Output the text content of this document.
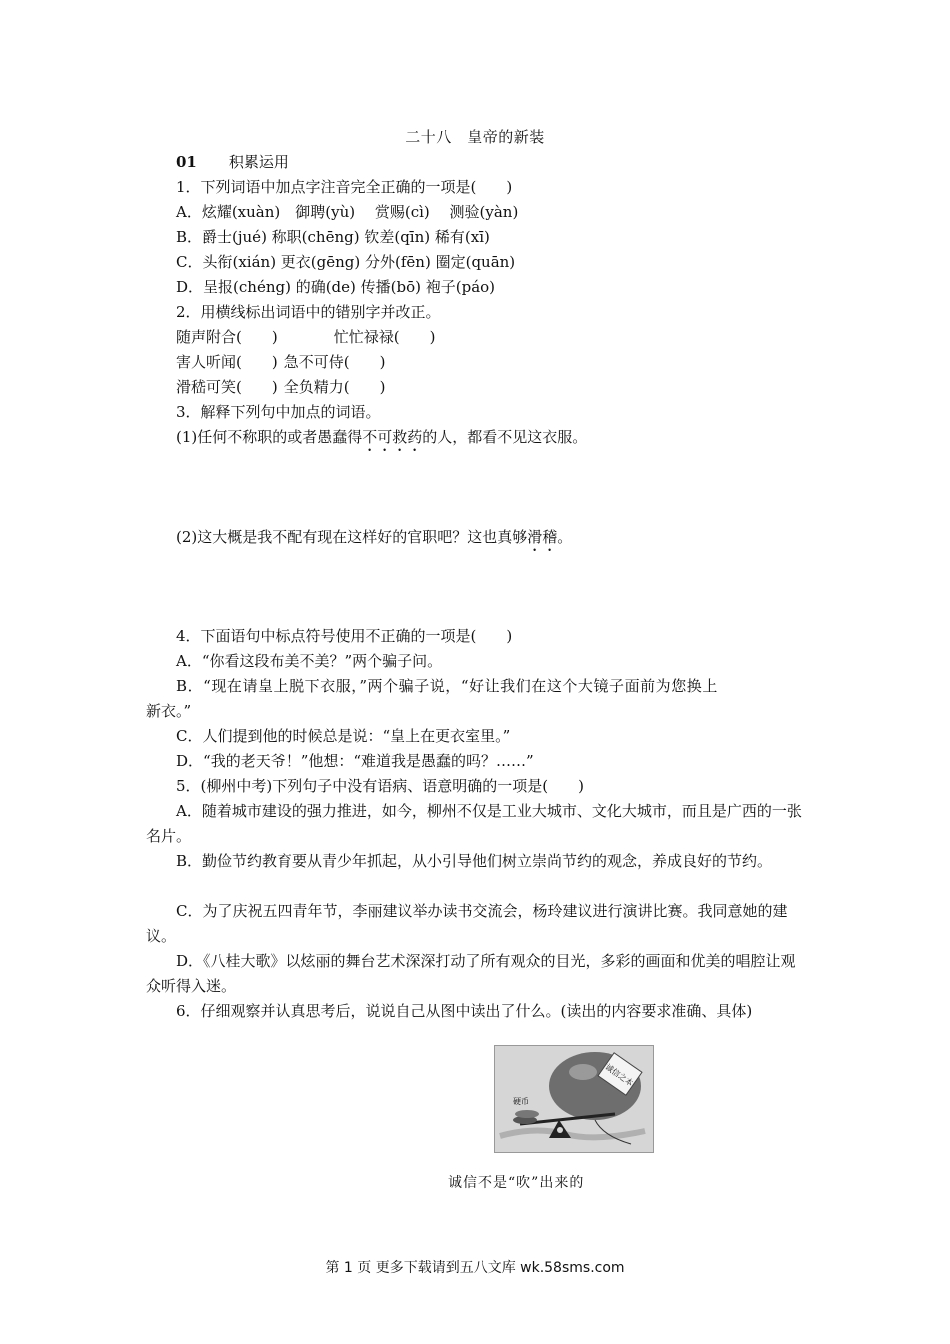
二十八　皇帝的新装
01 积累运用
1．下列词语中加点字注音完全正确的一项是(　　)
A．炫耀(xuàn)　御聘(yù)　 赏赐(cì)　 测验(yàn)
B．爵士(jué) 称职(chēng) 钦差(qīn) 稀有(xī)
C．头衔(xián) 更衣(gēng) 分外(fēn) 圈定(quān)
D．呈报(chéng) 的确(de) 传播(bō) 袍子(páo)
2．用横线标出词语中的错别字并改正。
随声附合(　　)	忙忙禄禄(　　)
害人听闻(　　) 急不可侍(　　)
滑嵇可笑(　　) 全负精力(　　)
3．解释下列句中加点的词语。
(1)任何不称职的或者愚蠢得不可救药的人，都看不见这衣服。
(2)这大概是我不配有现在这样好的官职吧？这也真够滑稽。
4．下面语句中标点符号使用不正确的一项是(　　)
A．“你看这段布美不美？”两个骗子问。
B．“现在请皇上脱下衣服，”两个骗子说，“好让我们在这个大镜子面前为您换上
新衣。”
C．人们提到他的时候总是说：“皇上在更衣室里。”
D．“我的老天爷！”他想：“难道我是愚蠢的吗？……”
5．(柳州中考)下列句子中没有语病、语意明确的一项是(　　)
A．随着城市建设的强力推进，如今，柳州不仅是工业大城市、文化大城市，而且是广西的一张名片。
B．勤俭节约教育要从青少年抓起，从小引导他们树立崇尚节约的观念，养成良好的节约。
C．为了庆祝五四青年节，李丽建议举办读书交流会，杨玲建议进行演讲比赛。我同意她的建议。
D．《八桂大歌》以炫丽的舞台艺术深深打动了所有观众的目光，多彩的画面和优美的唱腔让观众听得入迷。
6．仔细观察并认真思考后，说说自己从图中读出了什么。(读出的内容要求准确、具体)
诚信之本
硬币
诚信不是“吹”出来的
第 1 页 更多下载请到五八文库 wk.58sms.com
